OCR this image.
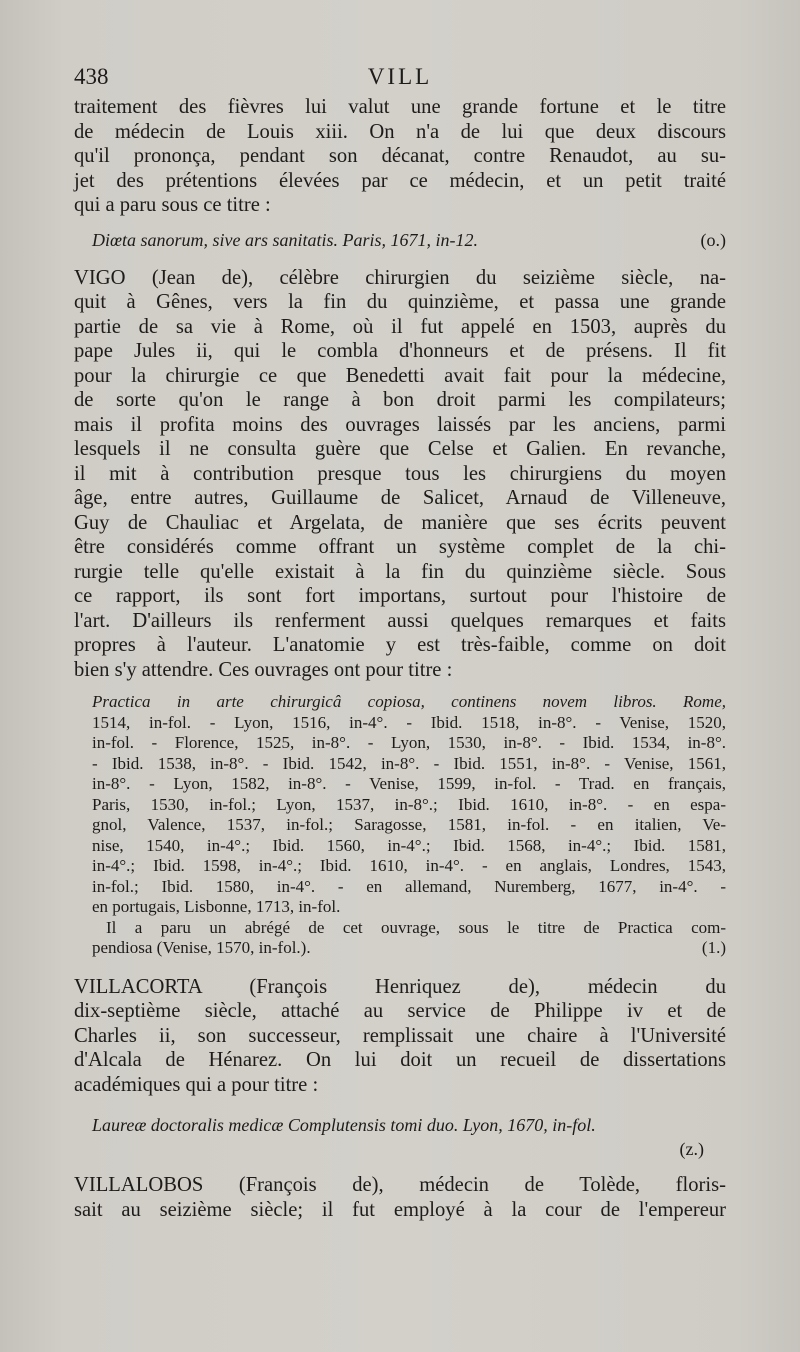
438	VILL
traitement des fièvres lui valut une grande fortune et le titre
de médecin de Louis xiii. On n'a de lui que deux discours
qu'il prononça, pendant son décanat, contre Renaudot, au su-
jet des prétentions élevées par ce médecin, et un petit traité
qui a paru sous ce titre :
Diœta sanorum, sive ars sanitatis. Paris, 1671, in-12.	(o.)
VIGO (Jean de), célèbre chirurgien du seizième siècle, na-
quit à Gênes, vers la fin du quinzième, et passa une grande
partie de sa vie à Rome, où il fut appelé en 1503, auprès du
pape Jules ii, qui le combla d'honneurs et de présens. Il fit
pour la chirurgie ce que Benedetti avait fait pour la médecine,
de sorte qu'on le range à bon droit parmi les compilateurs;
mais il profita moins des ouvrages laissés par les anciens, parmi
lesquels il ne consulta guère que Celse et Galien. En revanche,
il mit à contribution presque tous les chirurgiens du moyen
âge, entre autres, Guillaume de Salicet, Arnaud de Villeneuve,
Guy de Chauliac et Argelata, de manière que ses écrits peuvent
être considérés comme offrant un système complet de la chi-
rurgie telle qu'elle existait à la fin du quinzième siècle. Sous
ce rapport, ils sont fort importans, surtout pour l'histoire de
l'art. D'ailleurs ils renferment aussi quelques remarques et faits
propres à l'auteur. L'anatomie y est très-faible, comme on doit
bien s'y attendre. Ces ouvrages ont pour titre :
Practica in arte chirurgicâ copiosa, continens novem libros. Rome,
1514, in-fol. - Lyon, 1516, in-4°. - Ibid. 1518, in-8°. - Venise, 1520,
in-fol. - Florence, 1525, in-8°. - Lyon, 1530, in-8°. - Ibid. 1534, in-8°.
- Ibid. 1538, in-8°. - Ibid. 1542, in-8°. - Ibid. 1551, in-8°. - Venise, 1561,
in-8°. - Lyon, 1582, in-8°. - Venise, 1599, in-fol. - Trad. en français,
Paris, 1530, in-fol.; Lyon, 1537, in-8°.; Ibid. 1610, in-8°. - en espa-
gnol, Valence, 1537, in-fol.; Saragosse, 1581, in-fol. - en italien, Ve-
nise, 1540, in-4°.; Ibid. 1560, in-4°.; Ibid. 1568, in-4°.; Ibid. 1581,
in-4°.; Ibid. 1598, in-4°.; Ibid. 1610, in-4°. - en anglais, Londres, 1543,
in-fol.; Ibid. 1580, in-4°. - en allemand, Nuremberg, 1677, in-4°. -
en portugais, Lisbonne, 1713, in-fol.
Il a paru un abrégé de cet ouvrage, sous le titre de Practica com-
pendiosa (Venise, 1570, in-fol.).	(1.)
VILLACORTA (François Henriquez de), médecin du
dix-septième siècle, attaché au service de Philippe iv et de
Charles ii, son successeur, remplissait une chaire à l'Université
d'Alcala de Hénarez. On lui doit un recueil de dissertations
académiques qui a pour titre :
Laureæ doctoralis medicæ Complutensis tomi duo. Lyon, 1670, in-fol.
(z.)
VILLALOBOS (François de), médecin de Tolède, floris-
sait au seizième siècle; il fut employé à la cour de l'empereur
